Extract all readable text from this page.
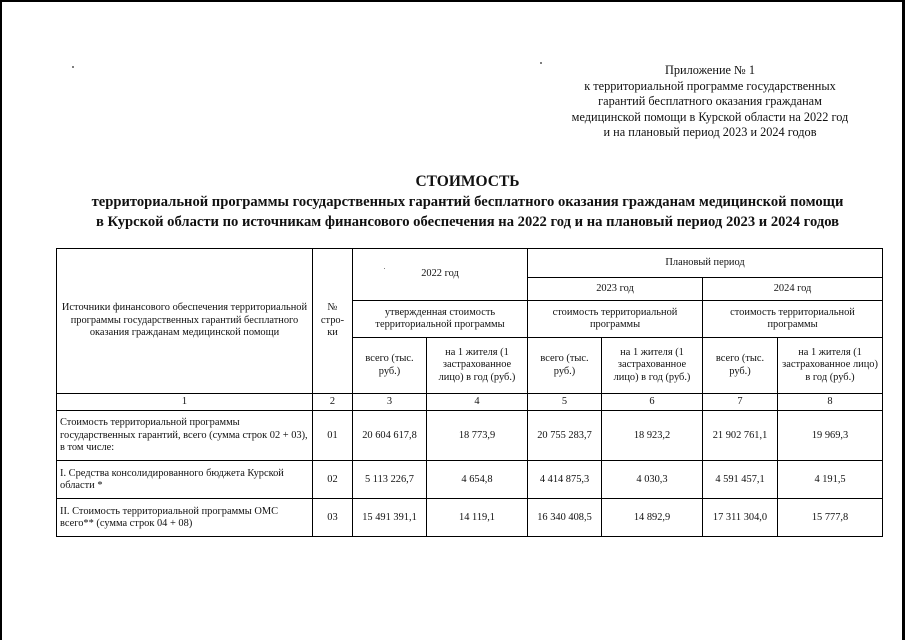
Приложение № 1
к территориальной программе государственных
гарантий бесплатного оказания гражданам
медицинской помощи в Курской области на 2022 год
и на плановый период 2023 и 2024 годов
СТОИМОСТЬ
территориальной программы государственных гарантий бесплатного оказания гражданам медицинской помощи
в Курской области по источникам финансового обеспечения на 2022 год и на плановый период 2023 и 2024 годов
Источники финансового обеспечения территориальной программы государственных гарантий бесплатного оказания гражданам медицинской помощи	№ стро-ки	2022 год		Плановый период			
				2023 год		2024 год	
		утвержденная стоимость территориальной программы		стоимость территориальной программы		стоимость территориальной программы	
		всего (тыс. руб.)	на 1 жителя (1 застрахованное лицо) в год (руб.)	всего (тыс. руб.)	на 1 жителя (1 застрахованное лицо) в год (руб.)	всего (тыс. руб.)	на 1 жителя (1 застрахованное лицо) в год (руб.)
1	2	3	4	5	6	7	8
Стоимость территориальной программы государственных гарантий, всего (сумма строк 02 + 03), в том числе:	01	20 604 617,8	18 773,9	20 755 283,7	18 923,2	21 902 761,1	19 969,3
I. Средства консолидированного бюджета Курской области *	02	5 113 226,7	4 654,8	4 414 875,3	4 030,3	4 591 457,1	4 191,5
II. Стоимость территориальной программы ОМС всего** (сумма строк 04 + 08)	03	15 491 391,1	14 119,1	16 340 408,5	14 892,9	17 311 304,0	15 777,8
